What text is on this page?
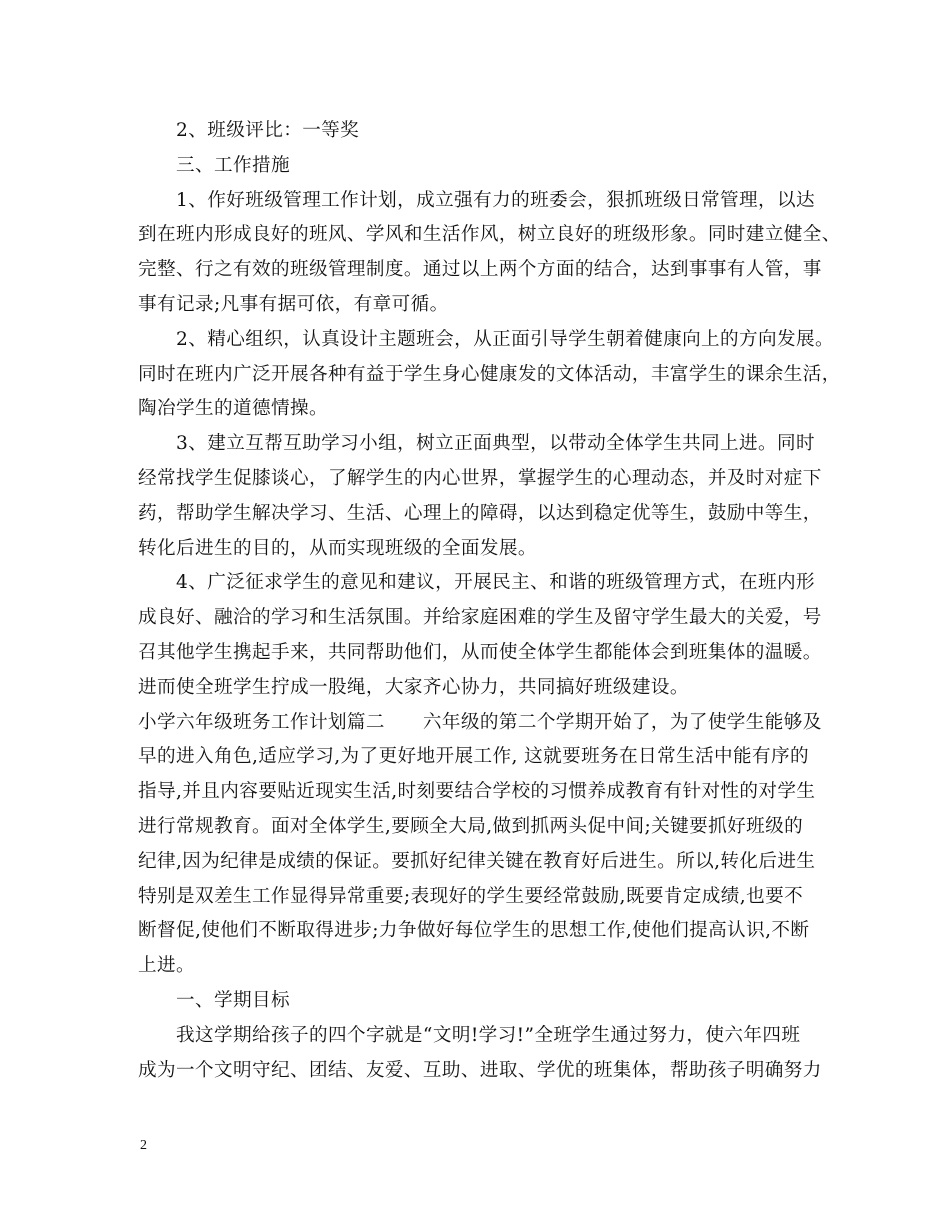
2、班级评比：一等奖
三、工作措施
1、作好班级管理工作计划，成立强有力的班委会，狠抓班级日常管理，以达
到在班内形成良好的班风、学风和生活作风，树立良好的班级形象。同时建立健全、
完整、行之有效的班级管理制度。通过以上两个方面的结合，达到事事有人管，事
事有记录;凡事有据可依，有章可循。
2、精心组织，认真设计主题班会，从正面引导学生朝着健康向上的方向发展。
同时在班内广泛开展各种有益于学生身心健康发的文体活动，丰富学生的课余生活，
陶冶学生的道德情操。
3、建立互帮互助学习小组，树立正面典型，以带动全体学生共同上进。同时
经常找学生促膝谈心，了解学生的内心世界，掌握学生的心理动态，并及时对症下
药，帮助学生解决学习、生活、心理上的障碍，以达到稳定优等生，鼓励中等生，
转化后进生的目的，从而实现班级的全面发展。
4、广泛征求学生的意见和建议，开展民主、和谐的班级管理方式，在班内形
成良好、融洽的学习和生活氛围。并给家庭困难的学生及留守学生最大的关爱，号
召其他学生携起手来，共同帮助他们，从而使全体学生都能体会到班集体的温暖。
进而使全班学生拧成一股绳，大家齐心协力，共同搞好班级建设。
小学六年级班务工作计划篇二　　六年级的第二个学期开始了，为了使学生能够及
早的进入角色,适应学习,为了更好地开展工作, 这就要班务在日常生活中能有序的
指导,并且内容要贴近现实生活,时刻要结合学校的习惯养成教育有针对性的对学生
进行常规教育。面对全体学生,要顾全大局,做到抓两头促中间;关键要抓好班级的
纪律,因为纪律是成绩的保证。要抓好纪律关键在教育好后进生。所以,转化后进生
特别是双差生工作显得异常重要;表现好的学生要经常鼓励,既要肯定成绩,也要不
断督促,使他们不断取得进步;力争做好每位学生的思想工作,使他们提高认识,不断
上进。
一、学期目标
我这学期给孩子的四个字就是“文明!学习!”全班学生通过努力，使六年四班
成为一个文明守纪、团结、友爱、互助、进取、学优的班集体，帮助孩子明确努力
2
